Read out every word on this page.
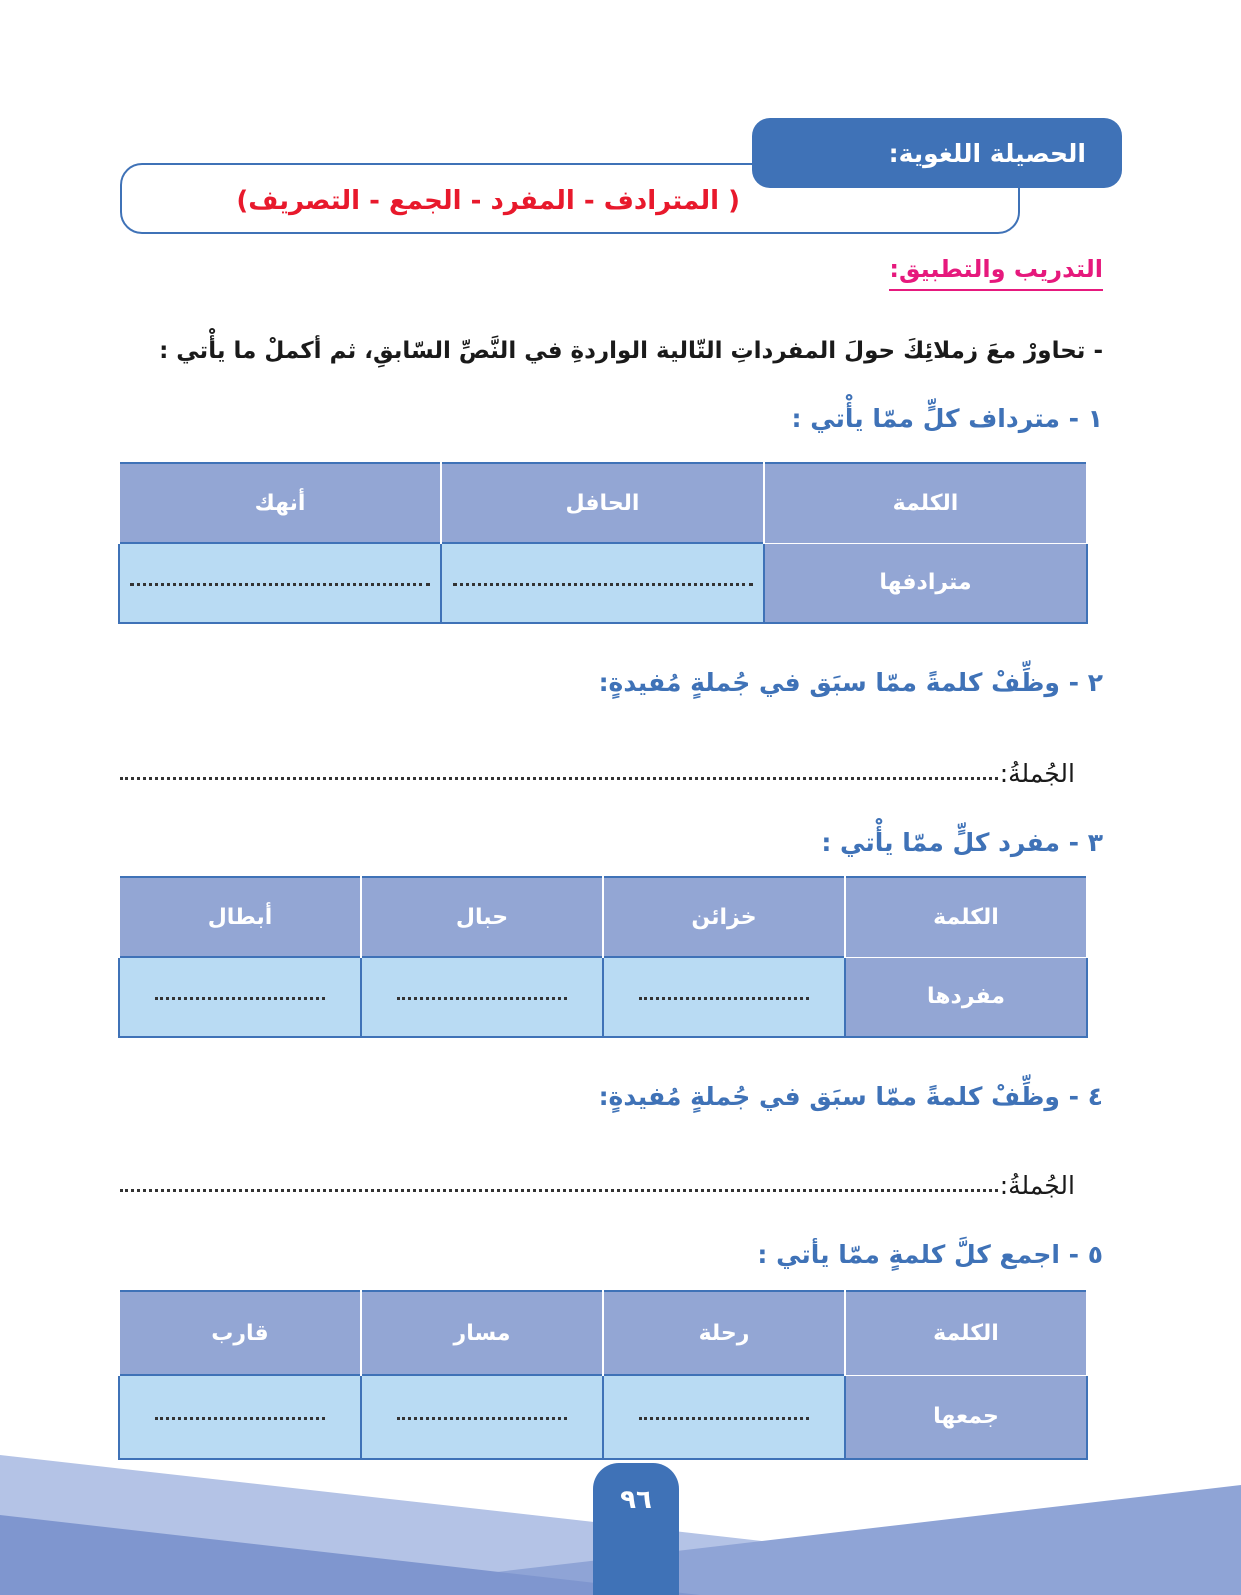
الحصيلة اللغوية:
( المترادف - المفرد - الجمع - التصريف)
التدريب والتطبيق:
- تحاورْ معَ زملائِكَ حولَ المفرداتِ التّالية الواردةِ في النَّصِّ السّابقِ، ثم أكملْ ما يأْتي :
١ - مترداف كلٍّ ممّا يأْتي :
الكلمة	الحافل	أنهك
مترادفها		
٢ - وظِّفْ كلمةً ممّا سبَق في جُملةٍ مُفيدةٍ:
الجُملةُ:
٣ - مفرد كلٍّ ممّا يأْتي :
الكلمة	خزائن	حبال	أبطال
مفردها			
٤ - وظِّفْ كلمةً ممّا سبَق في جُملةٍ مُفيدةٍ:
الجُملةُ:
٥ - اجمع كلَّ كلمةٍ ممّا يأتي :
الكلمة	رحلة	مسار	قارب
جمعها			
٩٦
